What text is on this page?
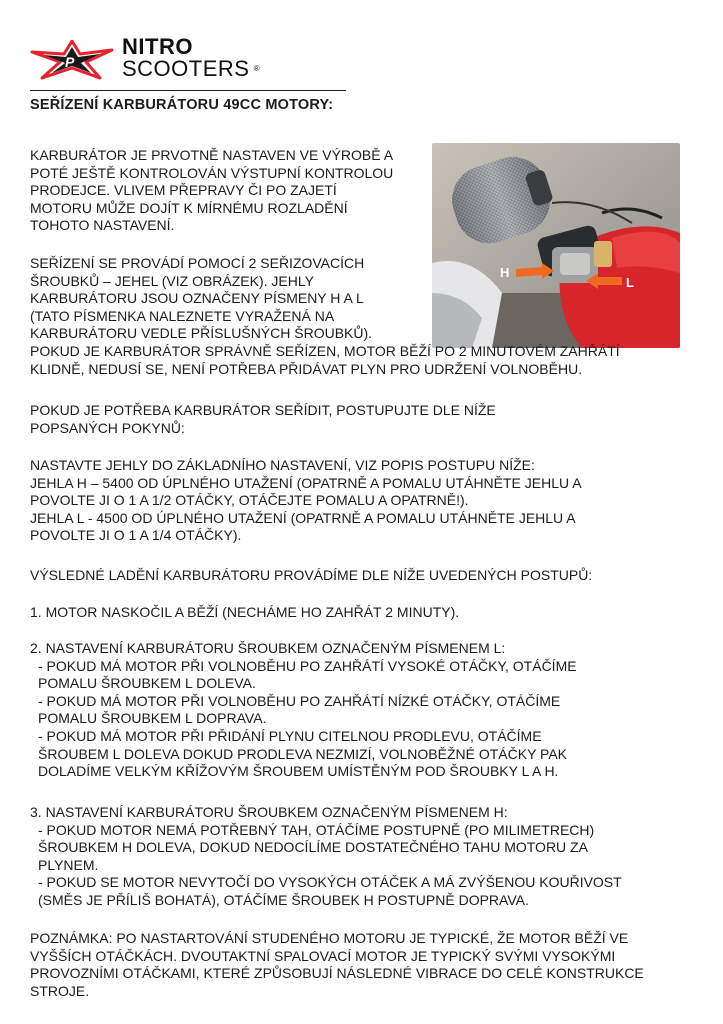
P
NITRO
SCOOTERS ®
SEŘÍZENÍ KARBURÁTORU 49CC MOTORY:
H
L

KARBURÁTOR JE PRVOTNĚ NASTAVEN VE VÝROBĚ A

POTÉ JEŠTĚ KONTROLOVÁN VÝSTUPNÍ KONTROLOU

PRODEJCE. VLIVEM PŘEPRAVY ČI PO ZAJETÍ

MOTORU MŮŽE DOJÍT K MÍRNÉMU ROZLADĚNÍ

TOHOTO NASTAVENÍ.

SEŘÍZENÍ SE PROVÁDÍ POMOCÍ 2 SEŘIZOVACÍCH

ŠROUBKŮ – JEHEL (VIZ OBRÁZEK). JEHLY

KARBURÁTORU JSOU OZNAČENY PÍSMENY H A L

(TATO PÍSMENKA NALEZNETE VYRAŽENÁ NA

KARBURÁTORU VEDLE PŘÍSLUŠNÝCH ŠROUBKŮ).

POKUD JE KARBURÁTOR SPRÁVNĚ SEŘÍZEN, MOTOR BĚŽÍ PO 2 MINUTOVÉM ZAHŘÁTÍ

KLIDNĚ, NEDUSÍ SE, NENÍ POTŘEBA PŘIDÁVAT PLYN PRO UDRŽENÍ VOLNOBĚHU.

POKUD JE POTŘEBA KARBURÁTOR SEŘÍDIT, POSTUPUJTE DLE NÍŽE

POPSANÝCH POKYNŮ:

NASTAVTE JEHLY DO ZÁKLADNÍHO NASTAVENÍ, VIZ POPIS POSTUPU NÍŽE:

JEHLA H – 5400 OD ÚPLNÉHO UTAŽENÍ (OPATRNĚ A POMALU UTÁHNĚTE JEHLU A

POVOLTE JI O 1 A 1/2 OTÁČKY, OTÁČEJTE POMALU A OPATRNĚ!).

JEHLA L - 4500 OD ÚPLNÉHO UTAŽENÍ (OPATRNĚ A POMALU UTÁHNĚTE JEHLU A

POVOLTE JI O 1 A 1/4 OTÁČKY).

VÝSLEDNÉ LADĚNÍ KARBURÁTORU PROVÁDÍME DLE NÍŽE UVEDENÝCH POSTUPŮ:
1. MOTOR NASKOČIL A BĚŽÍ (NECHÁME HO ZAHŘÁT 2 MINUTY).

2. NASTAVENÍ KARBURÁTORU ŠROUBKEM OZNAČENÝM PÍSMENEM L:

- POKUD MÁ MOTOR PŘI VOLNOBĚHU PO ZAHŘÁTÍ VYSOKÉ OTÁČKY, OTÁČÍME

POMALU ŠROUBKEM L DOLEVA.

- POKUD MÁ MOTOR PŘI VOLNOBĚHU PO ZAHŘÁTÍ NÍZKÉ OTÁČKY, OTÁČÍME

POMALU ŠROUBKEM L DOPRAVA.

- POKUD MÁ MOTOR PŘI PŘIDÁNÍ PLYNU CITELNOU PRODLEVU, OTÁČÍME

ŠROUBEM L DOLEVA DOKUD PRODLEVA NEZMIZÍ, VOLNOBĚŽNÉ OTÁČKY PAK

DOLADÍME VELKÝM KŘÍŽOVÝM ŠROUBEM UMÍSTĚNÝM POD ŠROUBKY L A H.

3. NASTAVENÍ KARBURÁTORU ŠROUBKEM OZNAČENÝM PÍSMENEM H:

- POKUD MOTOR NEMÁ POTŘEBNÝ TAH, OTÁČÍME POSTUPNĚ (PO MILIMETRECH)

ŠROUBKEM H DOLEVA, DOKUD NEDOCÍLÍME DOSTATEČNÉHO TAHU MOTORU ZA

PLYNEM.

- POKUD SE MOTOR NEVYTOČÍ DO VYSOKÝCH OTÁČEK A MÁ ZVÝŠENOU KOUŘIVOST

(SMĚS JE PŘÍLIŠ BOHATÁ), OTÁČÍME ŠROUBEK H POSTUPNĚ DOPRAVA.

POZNÁMKA: PO NASTARTOVÁNÍ STUDENÉHO MOTORU JE TYPICKÉ, ŽE MOTOR BĚŽÍ VE

VYŠŠÍCH OTÁČKÁCH. DVOUTAKTNÍ SPALOVACÍ MOTOR JE TYPICKÝ SVÝMI VYSOKÝMI

PROVOZNÍMI OTÁČKAMI, KTERÉ ZPŮSOBUJÍ NÁSLEDNÉ VIBRACE DO CELÉ KONSTRUKCE

STROJE.
